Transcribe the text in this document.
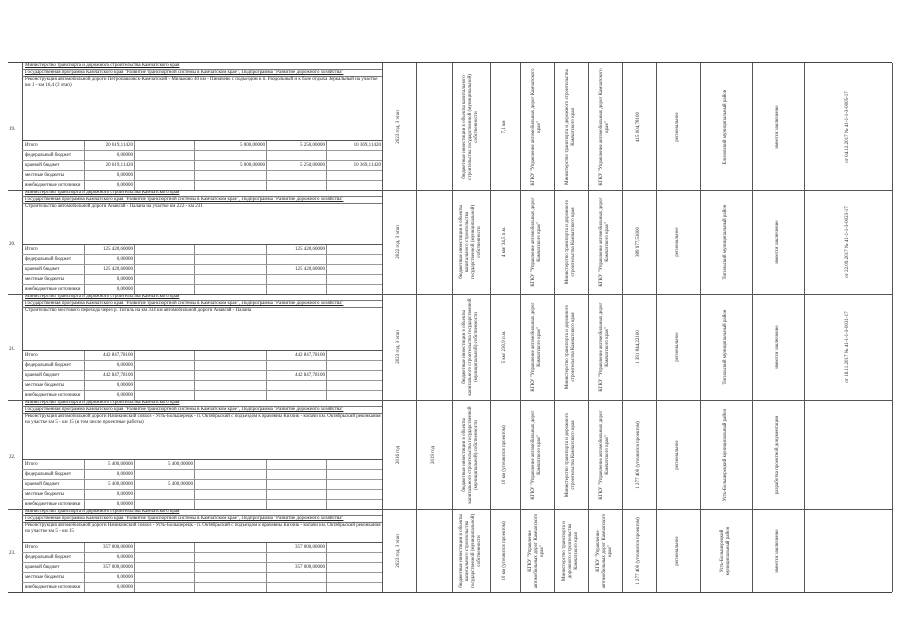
19.
Министерство транспорта и дорожного строительства Камчатского края
Государственная программа Камчатского края "Развитие транспортной системы в Камчатском крае", Подпрограмма "Развитие дорожного хозяйства"
Реконструкция автомобильной дороги Петропавловск-Камчатский - Мильково 40 км - Пиначево с подъездом к п. Раздольный и к базе отдыха Зеркальный на участке км 1 - км 16,4 (3 этап)
Итого	20 619,11420	5 000,00000	5 250,00000	10 369,11420
федеральный бюджет	0,00000
краевой бюджет	20 619,11420	5 000,00000	5 250,00000	10 369,11420
местные бюджеты	0,00000
внебюджетные источники	0,00000
2023 год, 3 этап	бюджетные инвестиции в объекты капитального строительства государственной (муниципальной) собственности	7,1 км	КГКУ "Управление автомобильных дорог Камчатского края"	Министерство транспорта и дорожного строительства Камчатского края	КГКУ "Управление автомобильных дорог Камчатского края"	415 004,78100	региональное	Елизовский муниципальный район	имеется заключение	от 04.12.2017 № 41-1-1-3-0005-17
20.
Министерство транспорта и дорожного строительства Камчатского края
Государственная программа Камчатского края "Развитие транспортной системы в Камчатском крае", Подпрограмма "Развитие дорожного хозяйства"
Строительство автомобильной дороги Анавгай - Палана на участке км 222 - км 231
Итого	125 420,60000	125 420,60000
федеральный бюджет	0,00000
краевой бюджет	125 420,60000	125 420,60000
местные бюджеты	0,00000
внебюджетные источники	0,00000
2022 год, 3 этап	бюджетные инвестиции в объекты капитального строительства государственной (муниципальной) собственности	4 км/ 34,5 п.м.	КГКУ "Управление автомобильных дорог Камчатского края"	Министерство транспорта и дорожного строительства Камчатского края	КГКУ "Управление автомобильных дорог Камчатского края"	389 977,53000	региональное	Тигильский муниципальный район	имеется заключение	от 22.09.2017 № 41-1-1-3-0023-17
21.
Министерство транспорта и дорожного строительства Камчатского края
Государственная программа Камчатского края "Развитие транспортной системы в Камчатском крае", Подпрограмма "Развитие дорожного хозяйства"
Строительство мостового перехода через р. Тигиль на км 334 км автомобильной дороги Анавгай - Палана
Итого	442 847,78100	442 847,78100
федеральный бюджет	0,00000
краевой бюджет	442 847,78100	442 847,78100
местные бюджеты	0,00000
внебюджетные источники	0,00000
2023 год, 3 этап	бюджетные инвестиции в объекты капитального строительства государственной (муниципальной) собственности	5 км/ 230,9 п.м.	КГКУ "Управление автомобильных дорог Камчатского края"	Министерство транспорта и дорожного строительства Камчатского края	КГКУ "Управление автомобильных дорог Камчатского края"	1 391 844,22100	региональное	Тигильский муниципальный район	имеется заключение	от 16.11.2017 № 41-1-1-3-0031-17
22.
Министерство транспорта и дорожного строительства Камчатского края
Государственная программа Камчатского края "Развитие транспортной системы в Камчатском крае", Подпрограмма "Развитие дорожного хозяйства"
Реконструкция автомобильной дороги Начикинский совхоз - Усть-Большерецк - п. Октябрьский с подъездом к врачевны Кихчик - копачи км. Октябрьский реконкания на участке км 5 - км 15 (в том числе проектные работы)
Итого	5 400,00000	5 400,00000
федеральный бюджет	0,00000
краевой бюджет	5 400,00000	5 400,00000
местные бюджеты	0,00000
внебюджетные источники	0,00000
2016 год	2019 год	бюджетные инвестиции в объекты капитального строительства государственной (муниципальной) собственности	10 км (уточнится проектом)	КГКУ "Управление автомобильных дорог Камчатского края"	Министерство транспорта и дорожного строительства Камчатского края	КГКУ "Управление автомобильных дорог Камчатского края"	1 277 400 (уточнится проектом)	региональное	Усть-Большерецкий муниципальный район	разработка проектной документации
23.
Министерство транспорта и дорожного строительства Камчатского края
Государственная программа Камчатского края "Развитие транспортной системы в Камчатском крае", Подпрограмма "Развитие дорожного хозяйства"
Реконструкция автомобильной дороги Начикинский совхоз - Усть-Большерецк - п. Октябрьский с подъездом к врачевны Кихчик - копачи км. Октябрьский реконкания на участке км 5 - км 15
Итого	357 000,00000	357 000,00000
федеральный бюджет	0,00000
краевой бюджет	357 000,00000	357 000,00000
местные бюджеты	0,00000
внебюджетные источники	0,00000
2023 год, 3 этап	бюджетные инвестиции в объекты капитального строительства государственной (муниципальной) собственности	10 км (уточнится проектом)	КГКУ "Управление автомобильных дорог Камчатского края"	Министерство транспорта и дорожного строительства Камчатского края	КГКУ "Управление автомобильных дорог Камчатского края"	1 277 400 (уточнится проектом)	региональное	Усть-Большерецкий муниципальный район	имеется заключение
